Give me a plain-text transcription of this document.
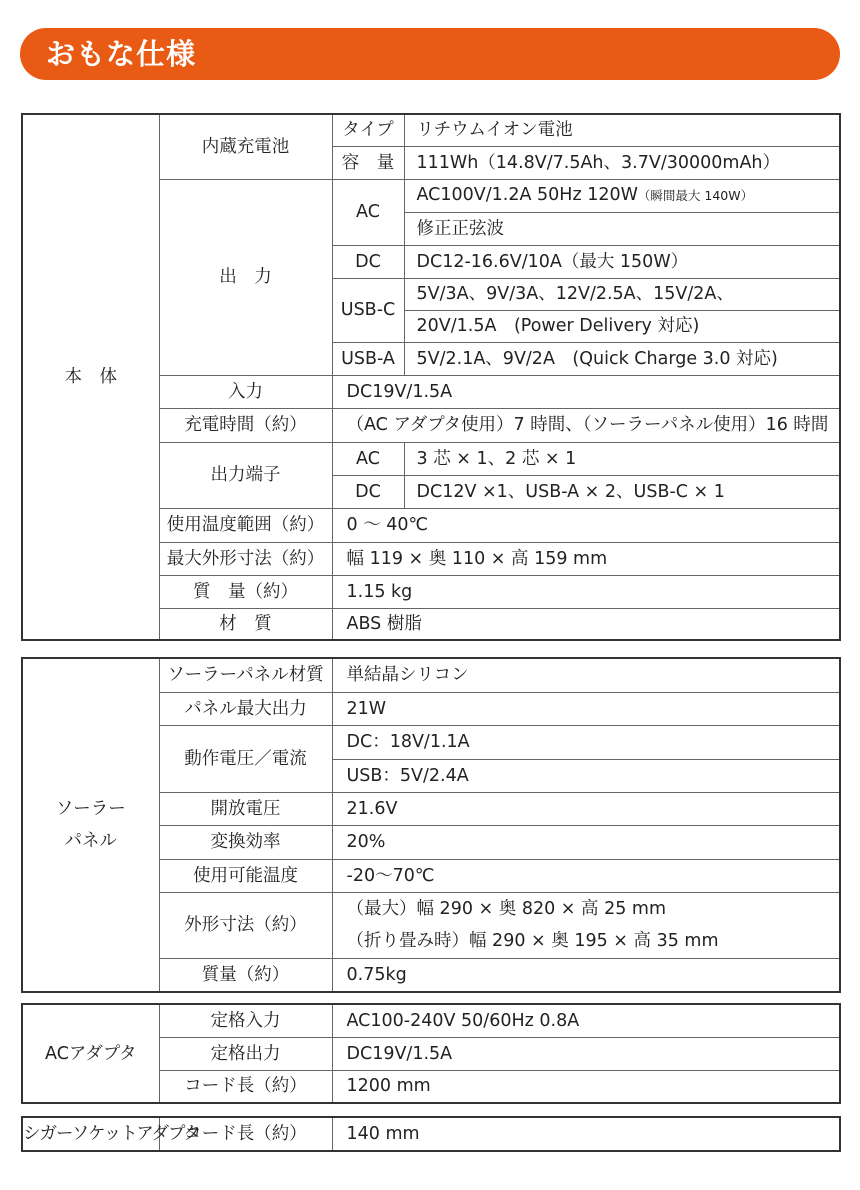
おもな仕様
本　体	内蔵充電池	タイプ	リチウムイオン電池
		容　量	111Wh（14.8V/7.5Ah、3.7V/30000mAh）
	出　力	AC	AC100V/1.2A 50Hz 120W（瞬間最大 140W）
			修正正弦波
		DC	DC12-16.6V/10A（最大 150W）
		USB-C	5V/3A、9V/3A、12V/2.5A、15V/2A、
			20V/1.5A　(Power Delivery 対応)
		USB-A	5V/2.1A、9V/2A　(Quick Charge 3.0 対応)
	入力	DC19V/1.5A	
	充電時間（約）	（AC アダプタ使用）7 時間、（ソーラーパネル使用）16 時間	
	出力端子	AC	3 芯 × 1、2 芯 × 1
		DC	DC12V ×1、USB-A × 2、USB-C × 1
	使用温度範囲（約）	0 ～ 40℃	
	最大外形寸法（約）	幅 119 × 奥 110 × 高 159 mm	
	質　量（約）	1.15 kg	
	材　質	ABS 樹脂	
ソーラー
パネル	ソーラーパネル材質	単結晶シリコン
	パネル最大出力	21W
	動作電圧／電流	DC：18V/1.1A
		USB：5V/2.4A
	開放電圧	21.6V
	変換効率	20%
	使用可能温度	-20～70℃
	外形寸法（約）	（最大）幅 290 × 奥 820 × 高 25 mm
		（折り畳み時）幅 290 × 奥 195 × 高 35 mm
	質量（約）	0.75kg
ACアダプタ	定格入力	AC100-240V 50/60Hz 0.8A
	定格出力	DC19V/1.5A
	コード長（約）	1200 mm
シガーソケットアダプタ	コード長（約）	140 mm
